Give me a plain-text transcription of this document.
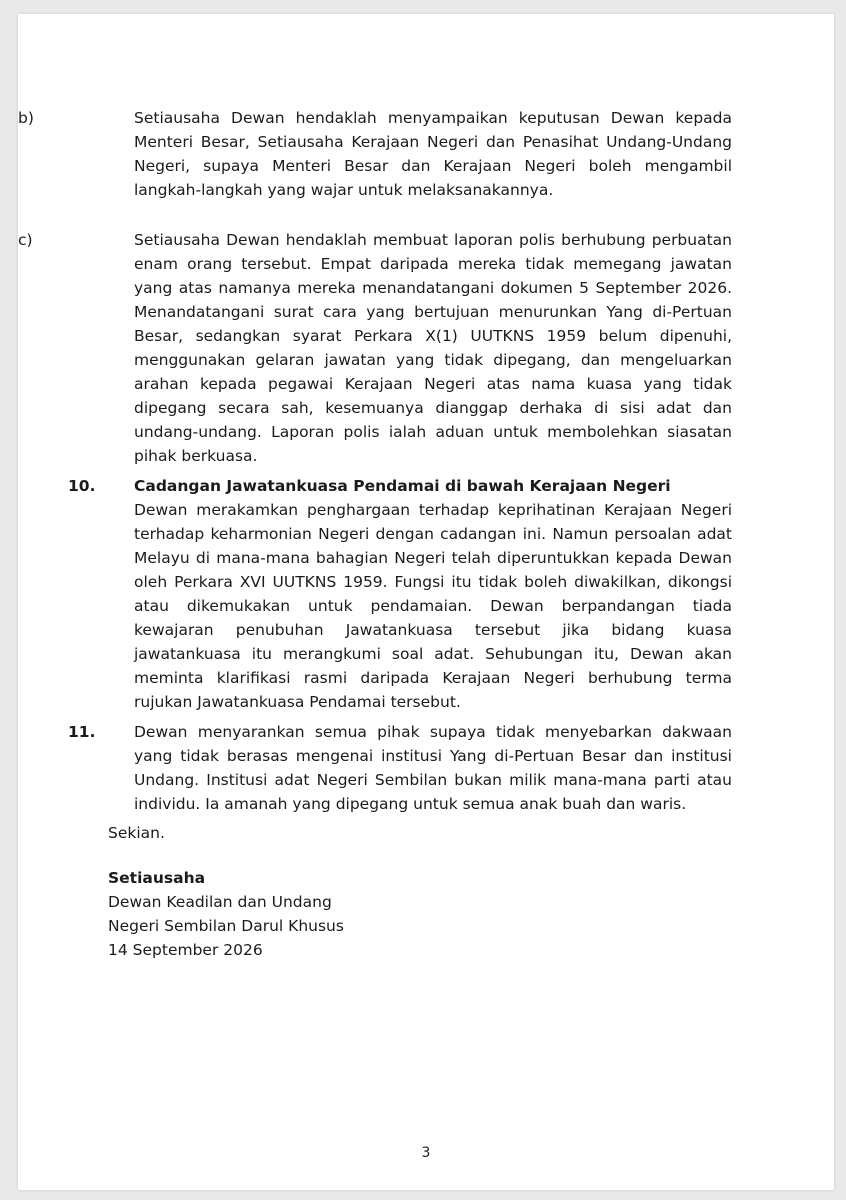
b)	Setiausaha Dewan hendaklah menyampaikan keputusan Dewan kepada Menteri Besar, Setiausaha Kerajaan Negeri dan Penasihat Undang-Undang Negeri, supaya Menteri Besar dan Kerajaan Negeri boleh mengambil langkah-langkah yang wajar untuk melaksanakannya.

c)	Setiausaha Dewan hendaklah membuat laporan polis berhubung perbuatan enam orang tersebut. Empat daripada mereka tidak memegang jawatan yang atas namanya mereka menandatangani dokumen 5 September 2026. Menandatangani surat cara yang bertujuan menurunkan Yang di-Pertuan Besar, sedangkan syarat Perkara X(1) UUTKNS 1959 belum dipenuhi, menggunakan gelaran jawatan yang tidak dipegang, dan mengeluarkan arahan kepada pegawai Kerajaan Negeri atas nama kuasa yang tidak dipegang secara sah, kesemuanya dianggap derhaka di sisi adat dan undang-undang. Laporan polis ialah aduan untuk membolehkan siasatan pihak berkuasa.

10. Cadangan Jawatankuasa Pendamai di bawah Kerajaan Negeri

Dewan merakamkan penghargaan terhadap keprihatinan Kerajaan Negeri terhadap keharmonian Negeri dengan cadangan ini. Namun persoalan adat Melayu di mana-mana bahagian Negeri telah diperuntukkan kepada Dewan oleh Perkara XVI UUTKNS 1959. Fungsi itu tidak boleh diwakilkan, dikongsi atau dikemukakan untuk pendamaian. Dewan berpandangan tiada kewajaran penubuhan Jawatankuasa tersebut jika bidang kuasa jawatankuasa itu merangkumi soal adat. Sehubungan itu, Dewan akan meminta klarifikasi rasmi daripada Kerajaan Negeri berhubung terma rujukan Jawatankuasa Pendamai tersebut.

11. Dewan menyarankan semua pihak supaya tidak menyebarkan dakwaan yang tidak berasas mengenai institusi Yang di-Pertuan Besar dan institusi Undang. Institusi adat Negeri Sembilan bukan milik mana-mana parti atau individu. Ia amanah yang dipegang untuk semua anak buah dan waris.

Sekian.
Setiausaha
Dewan Keadilan dan Undang
Negeri Sembilan Darul Khusus
14 September 2026
3
